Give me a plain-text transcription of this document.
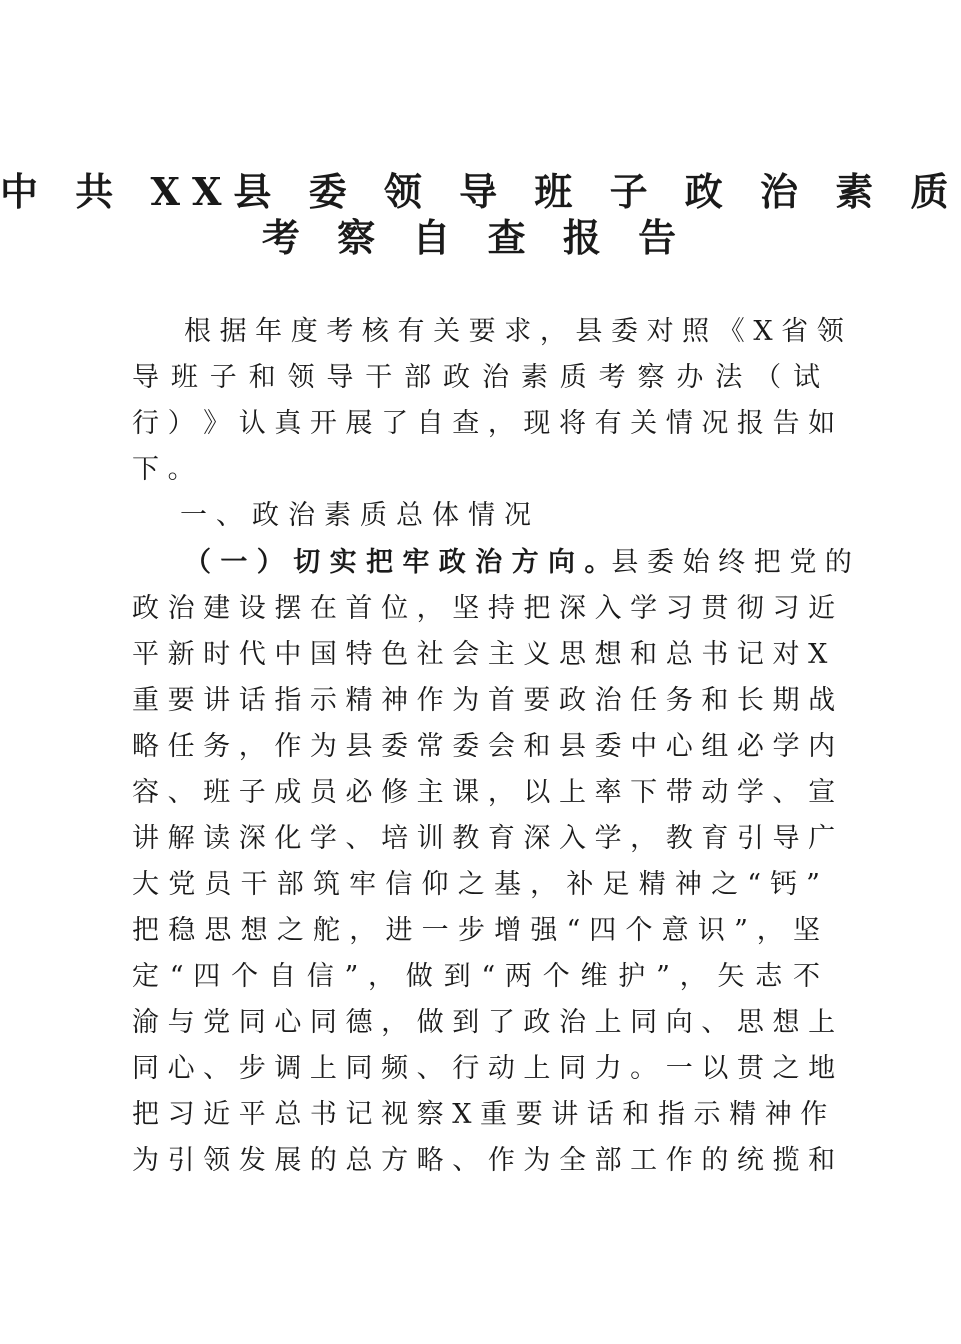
中 共 XX县 委 领 导 班 子 政 治 素 质
考 察 自 查 报 告
根 据 年 度 考 核 有 关 要 求 ， 县 委 对 照 《 X 省 领
导 班 子 和 领 导 干 部 政 治 素 质 考 察 办 法 （ 试
行 ） 》 认 真 开 展 了 自 查 ， 现 将 有 关 情 况 报 告 如
下 。
一、政治素质总体情况
（ 一 ） 切 实 把 牢 政 治 方 向 。 县 委 始 终 把 党 的
政 治 建 设 摆 在 首 位 ， 坚 持 把 深 入 学 习 贯 彻 习 近
平 新 时 代 中 国 特 色 社 会 主 义 思 想 和 总 书 记 对 X
重 要 讲 话 指 示 精 神 作 为 首 要 政 治 任 务 和 长 期 战
略 任 务 ， 作 为 县 委 常 委 会 和 县 委 中 心 组 必 学 内
容 、 班 子 成 员 必 修 主 课 ， 以 上 率 下 带 动 学 、 宣
讲 解 读 深 化 学 、 培 训 教 育 深 入 学 ， 教 育 引 导 广
大 党 员 干 部 筑 牢 信 仰 之 基 ， 补 足 精 神 之 “ 钙 ”
把 稳 思 想 之 舵 ， 进 一 步 增 强 “ 四 个 意 识 ” ， 坚
定 “ 四 个 自 信 ” ， 做 到 “ 两 个 维 护 ” ， 矢 志 不
渝 与 党 同 心 同 德 ， 做 到 了 政 治 上 同 向 、 思 想 上
同 心 、 步 调 上 同 频 、 行 动 上 同 力 。 一 以 贯 之 地
把 习 近 平 总 书 记 视 察 X 重 要 讲 话 和 指 示 精 神 作
为 引 领 发 展 的 总 方 略 、 作 为 全 部 工 作 的 统 揽 和
